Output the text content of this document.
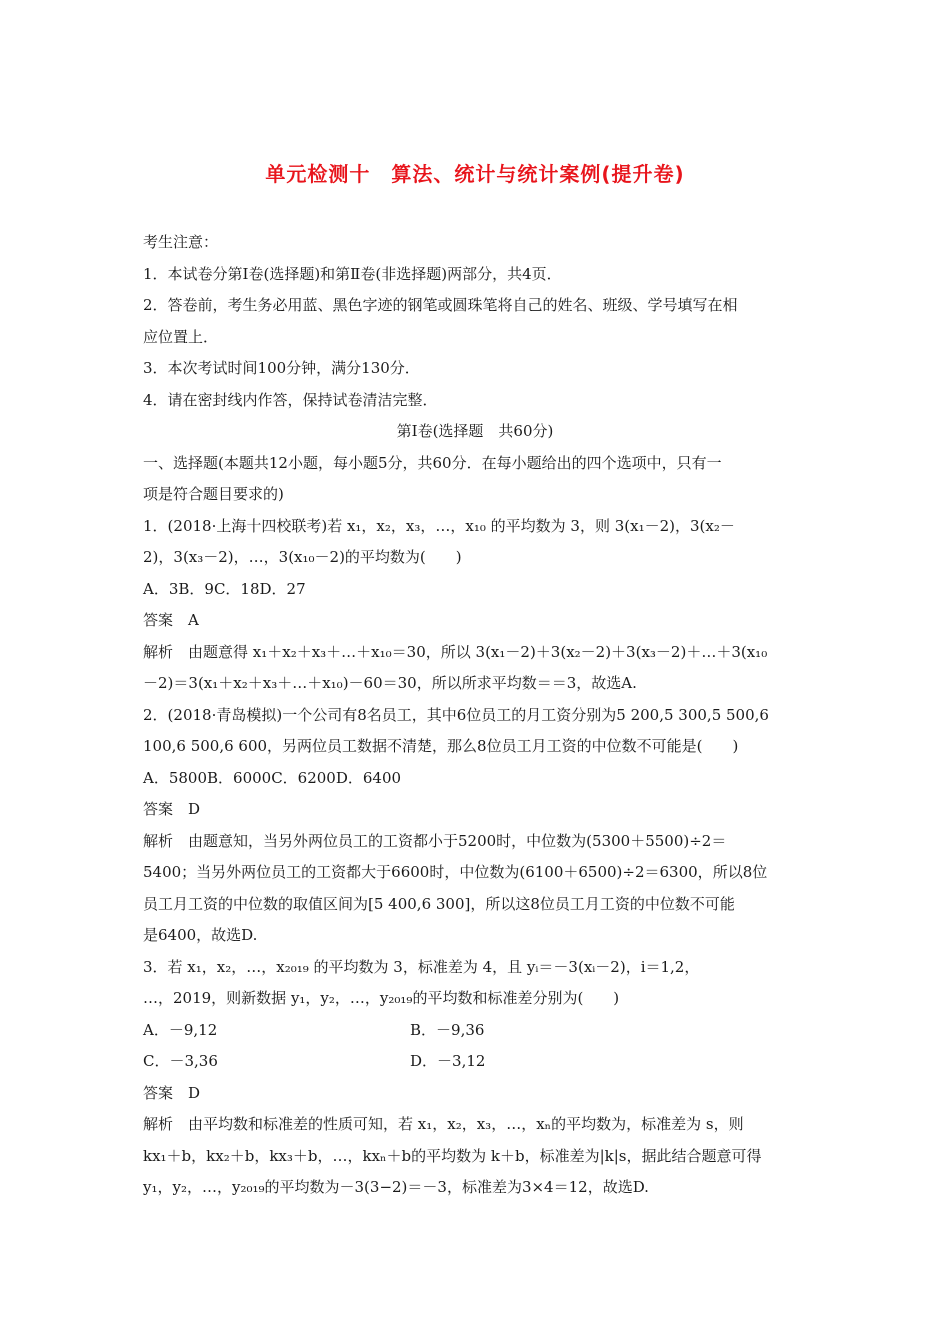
单元检测十　算法、统计与统计案例(提升卷)
考生注意：
1．本试卷分第Ⅰ卷(选择题)和第Ⅱ卷(非选择题)两部分，共4页．
2．答卷前，考生务必用蓝、黑色字迹的钢笔或圆珠笔将自己的姓名、班级、学号填写在相
应位置上．
3．本次考试时间100分钟，满分130分．
4．请在密封线内作答，保持试卷清洁完整．
第Ⅰ卷(选择题　共60分)
一、选择题(本题共12小题，每小题5分，共60分．在每小题给出的四个选项中，只有一
项是符合题目要求的)
1．(2018·上海十四校联考)若 x₁，x₂，x₃，…，x₁₀ 的平均数为 3，则 3(x₁－2)，3(x₂－
2)，3(x₃－2)，…，3(x₁₀－2)的平均数为(　　)
A．3B．9C．18D．27
答案　A
解析　由题意得 x₁＋x₂＋x₃＋…＋x₁₀＝30，所以 3(x₁－2)＋3(x₂－2)＋3(x₃－2)＋…＋3(x₁₀
－2)＝3(x₁＋x₂＋x₃＋…＋x₁₀)－60＝30，所以所求平均数＝＝3，故选A.
2．(2018·青岛模拟)一个公司有8名员工，其中6位员工的月工资分别为5 200,5 300,5 500,6
100,6 500,6 600，另两位员工数据不清楚，那么8位员工月工资的中位数不可能是(　　)
A．5800B．6000C．6200D．6400
答案　D
解析　由题意知，当另外两位员工的工资都小于5200时，中位数为(5300＋5500)÷2＝
5400；当另外两位员工的工资都大于6600时，中位数为(6100＋6500)÷2＝6300，所以8位
员工月工资的中位数的取值区间为[5 400,6 300]，所以这8位员工月工资的中位数不可能
是6400，故选D.
3．若 x₁，x₂，…，x₂₀₁₉ 的平均数为 3，标准差为 4，且 yᵢ＝－3(xᵢ－2)，i＝1,2，
…，2019，则新数据 y₁，y₂，…，y₂₀₁₉的平均数和标准差分别为(　　)
A．－9,12	B．－9,36
C．－3,36	D．－3,12
答案　D
解析　由平均数和标准差的性质可知，若 x₁，x₂，x₃，…，xₙ的平均数为，标准差为 s，则
kx₁＋b，kx₂＋b，kx₃＋b，…，kxₙ＋b的平均数为 k＋b，标准差为|k|s，据此结合题意可得
y₁，y₂，…，y₂₀₁₉的平均数为－3(3−2)＝－3，标准差为3×4＝12，故选D.
